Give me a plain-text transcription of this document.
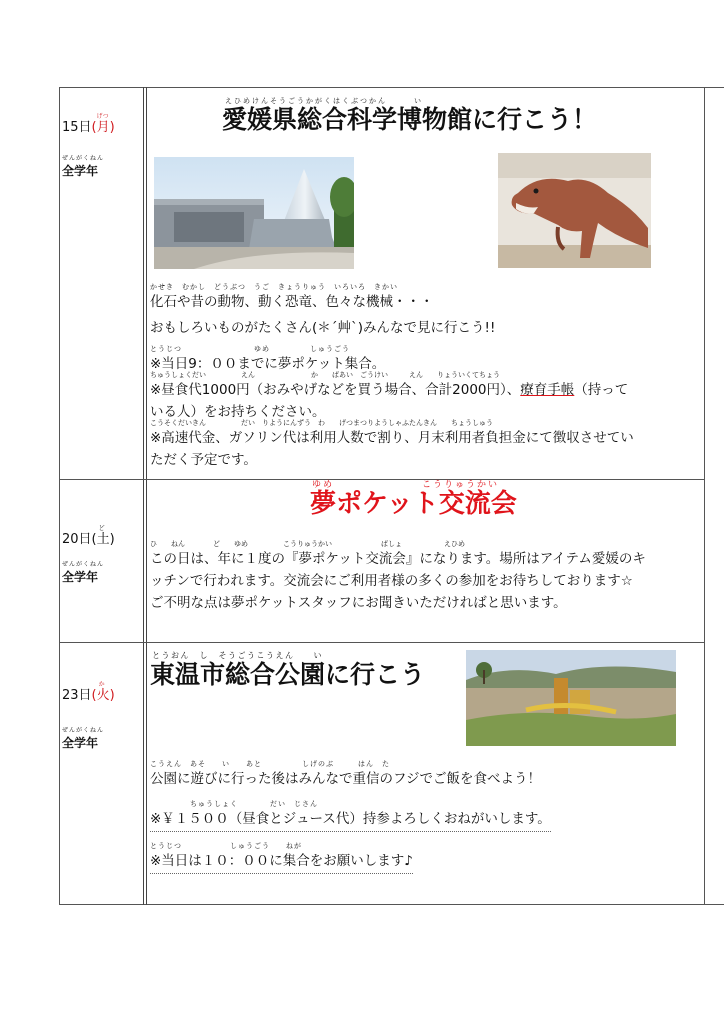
15日(
げつ
月)
ぜんがくねん
全学年
えひめけんそうごうかがくはくぶつかん　　　い
愛媛県総合科学博物館に行こう！
かせき　むかし　どうぶつ　うご　きょうりゅう　いろいろ　きかい
化石や昔の動物、動く恐竜、色々な機械・・・
おもしろいものがたくさん(＊´艸`)みんなで見に行こう!!
とうじつ　　　　　　　　　ゆめ　　　　　しゅうごう
※当日9：００までに夢ポケット集合。
ちゅうしょくだい　　　　　えん　　　　　　　　か　　ばあい　ごうけい　　　えん　　りょういくてちょう
※昼食代1000円（おみやげなどを買う場合、合計2000円）、療育手帳（持って
いる人）をお持ちください。
こうそくだいきん　　　　　だい　りようにんずう　わ　　げつまつりようしゃふたんきん　　ちょうしゅう
※高速代金、ガソリン代は利用人数で割り、月末利用者負担金にて徴収させてい
ただく予定です。
20日(
ど
土)
ぜんがくねん
全学年
ゆめ　　　　　　　　こうりゅうかい
夢ポケット交流会
ひ　　ねん　　　　ど　　ゆめ　　　　　こうりゅうかい　　　　　　　ばしょ　　　　　　えひめ
この日は、年に１度の『夢ポケット交流会』になります。場所はアイテム愛媛のキ
ッチンで行われます。交流会にご利用者様の多くの参加をお待ちしております☆
ご不明な点は夢ポケットスタッフにお聞きいただければと思います。
23日(
か
火)
ぜんがくねん
全学年
とうおん　し　そうごうこうえん　　い
東温市総合公園に行こう
こうえん　あそ　　い　　あと　　　　　しげのぶ　　　はん　た
公園に遊びに行った後はみんなで重信のフジでご飯を食べよう！
ちゅうしょく　　　　だい　じさん
※￥１５００（昼食とジュース代）持参よろしくおねがいします。
とうじつ　　　　　　しゅうごう　　ねが
※当日は１０：００に集合をお願いします♪
